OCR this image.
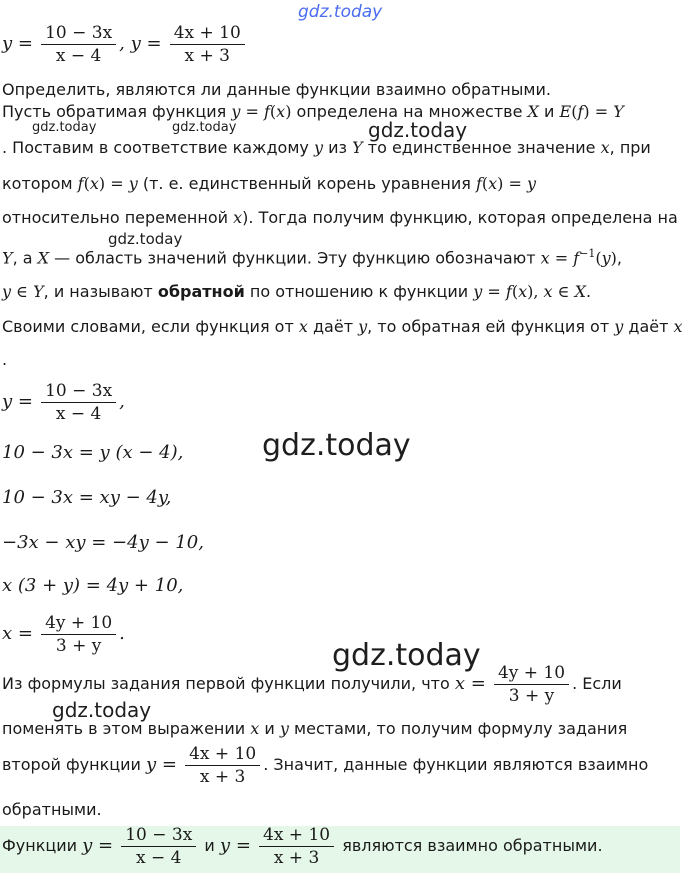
gdz.today
gdz.today	gdz.today	gdz.today
gdz.today
gdz.today
gdz.today
gdz.today
$y = \frac{10 - 3x}{x - 4}$ , $y = \frac{4x + 10}{x + 3}$
Определить, являются ли данные функции взаимно обратными.
Пусть обратимая функция y = f(x) определена на множестве X и E(f) = Y
. Поставим в соответствие каждому y из Y то единственное значение x, при
котором f(x) = y (т. е. единственный корень уравнения f(x) = y
относительно переменной x). Тогда получим функцию, которая определена на
Y, а X — область значений функции. Эту функцию обозначают $x = f^{-1}(y)$,
y ∈ Y, и называют обратной по отношению к функции y = f(x), x ∈ X.
Своими словами, если функция от x даёт y, то обратная ей функция от y даёт x
.
$y = \frac{10 - 3x}{x - 4}$ ,
10 − 3x = y (x − 4),
10 − 3x = xy − 4y,
−3x − xy = −4y − 10,
x (3 + y) = 4y + 10,
$x = \frac{4y + 10}{3 + y}$ .
Из формулы задания первой функции получили, что $x = \frac{4y + 10}{3 + y}$ . Если
поменять в этом выражении x и y местами, то получим формулу задания
второй функции $y = \frac{4x + 10}{x + 3}$ . Значит, данные функции являются взаимно
обратными.
Функции $y = \frac{10 - 3x}{x - 4}$ и $y = \frac{4x + 10}{x + 3}$ являются взаимно обратными.
